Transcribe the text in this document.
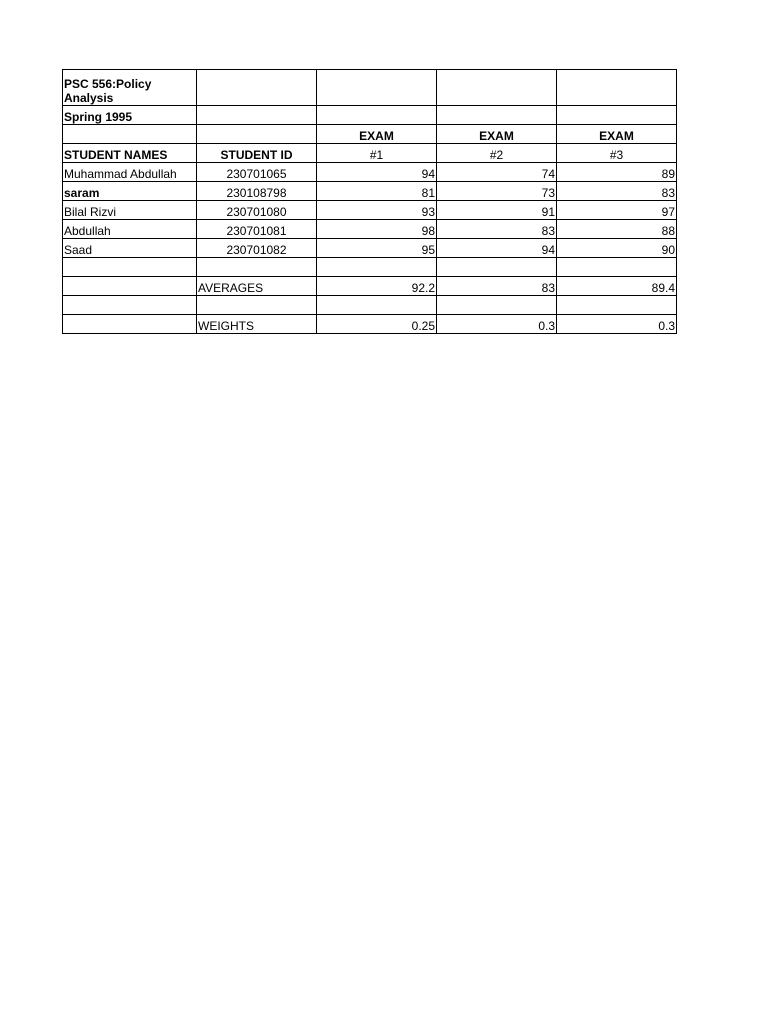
PSC 556:Policy Analysis				
Spring 1995				
		EXAM	EXAM	EXAM
STUDENT NAMES	STUDENT ID	#1	#2	#3
Muhammad Abdullah	230701065	94	74	89
saram	230108798	81	73	83
Bilal Rizvi	230701080	93	91	97
Abdullah	230701081	98	83	88
Saad	230701082	95	94	90

	AVERAGES	92.2	83	89.4

	WEIGHTS	0.25	0.3	0.3
